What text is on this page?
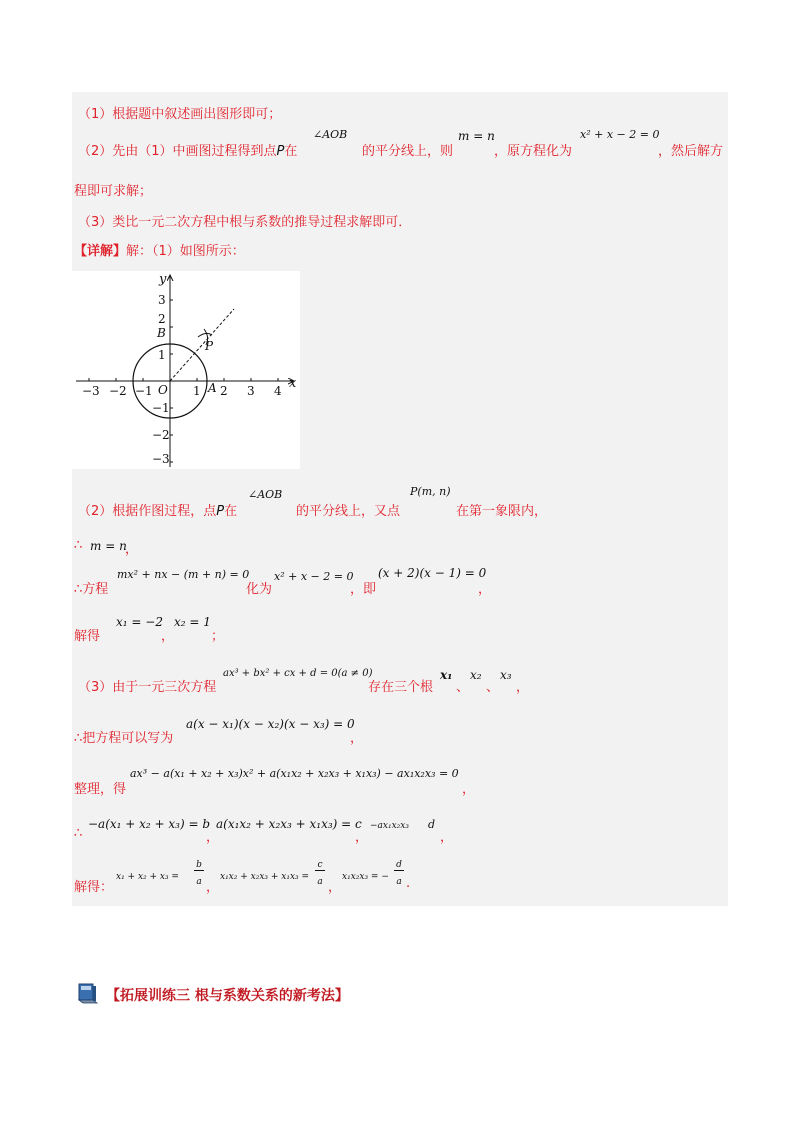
（1）根据题中叙述画出图形即可；
（2）先由（1）中画图过程得到点P在
∠AOB
的平分线上，则
m = n
，原方程化为
x² + x − 2 = 0
，然后解方
程即可求解；
（3）类比一元二次方程中根与系数的推导过程求解即可．
【详解】解：（1）如图所示：
y
x
O	A
B
P
−3 −2 −1	1 2 3 4
3
2
1
−1
−2
−3
（2）根据作图过程，点P在
∠AOB
的平分线上，又点
P(m, n)
在第一象限内，
∴ m = n
，
∴方程
mx² + nx − (m + n) = 0
化为
x² + x − 2 = 0
，即
(x + 2)(x − 1) = 0
，
解得
x₁ = −2
，
x₂ = 1
；
（3）由于一元三次方程
ax³ + bx² + cx + d = 0(a ≠ 0)
存在三个根
x₁
、
x₂
、
x₃
，
∴把方程可以写为
a(x − x₁)(x − x₂)(x − x₃) = 0
，
整理，得
ax³ − a(x₁ + x₂ + x₃)x² + a(x₁x₂ + x₂x₃ + x₁x₃) − ax₁x₂x₃ = 0
，
∴
−a(x₁ + x₂ + x₃) = b
，
a(x₁x₂ + x₂x₃ + x₁x₃) = c
，
−ax₁x₂x₃ d
，
解得：
x₁ + x₂ + x₃ =
b
a ，
x₁x₂ + x₂x₃ + x₁x₃ =
c
a ，
x₁x₂x₃ = −
d
a .
【拓展训练三 根与系数关系的新考法】
